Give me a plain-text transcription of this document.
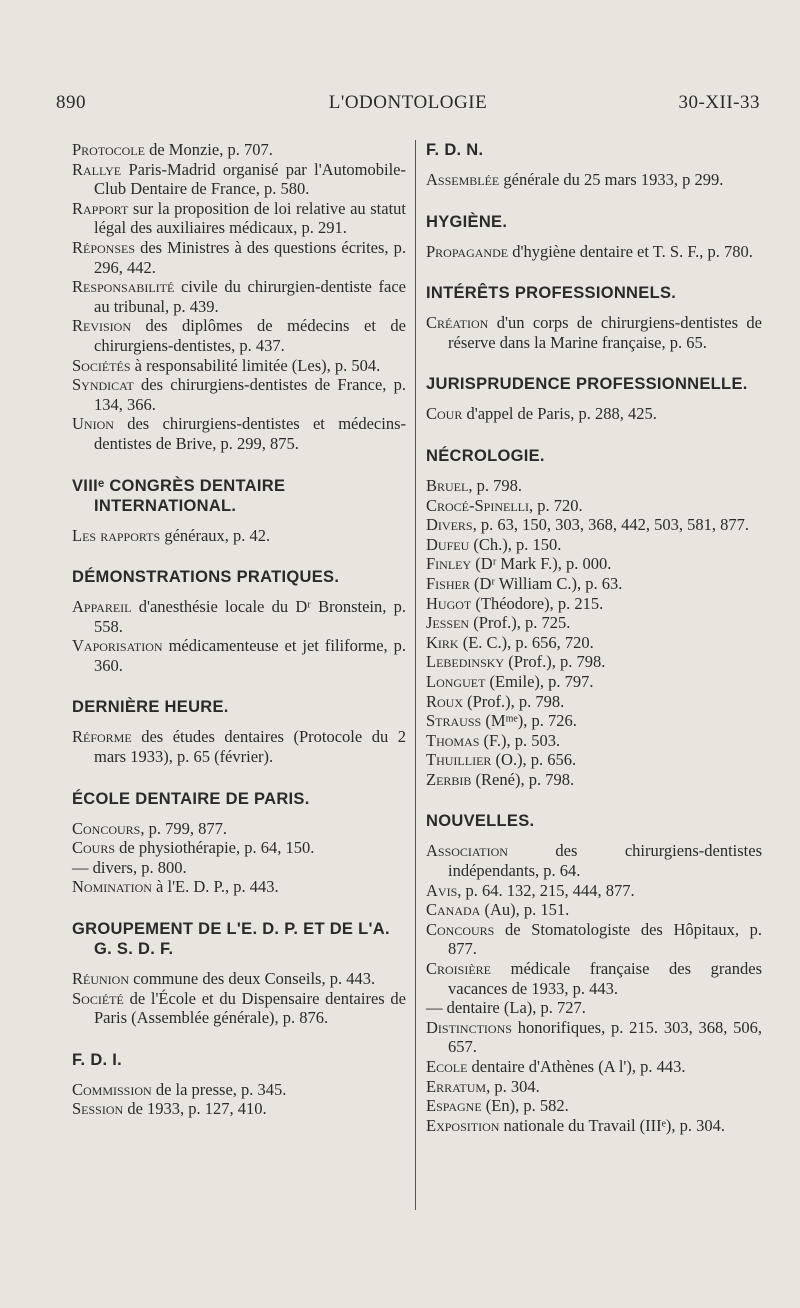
890	L'ODONTOLOGIE	30-XII-33

Protocole de Monzie, p. 707.

Rallye Paris-Madrid organisé par l'Automobile-Club Dentaire de France, p. 580.

Rapport sur la proposition de loi relative au statut légal des auxiliaires médicaux, p. 291.

Réponses des Ministres à des questions écrites, p. 296, 442.

Responsabilité civile du chirurgien-dentiste face au tribunal, p. 439.

Revision des diplômes de médecins et de chirurgiens-dentistes, p. 437.

Sociétés à responsabilité limitée (Les), p. 504.

Syndicat des chirurgiens-dentistes de France, p. 134, 366.

Union des chirurgiens-dentistes et médecins-dentistes de Brive, p. 299, 875.

VIIIᵉ CONGRÈS DENTAIRE INTERNATIONAL.

Les rapports généraux, p. 42.

DÉMONSTRATIONS PRATIQUES.

Appareil d'anesthésie locale du Dʳ Bronstein, p. 558.

Vaporisation médicamenteuse et jet filiforme, p. 360.

DERNIÈRE HEURE.

Réforme des études dentaires (Protocole du 2 mars 1933), p. 65 (février).

ÉCOLE DENTAIRE DE PARIS.

Concours, p. 799, 877.

Cours de physiothérapie, p. 64, 150.

— divers, p. 800.

Nomination à l'E. D. P., p. 443.

GROUPEMENT DE L'E. D. P. ET DE L'A. G. S. D. F.

Réunion commune des deux Conseils, p. 443.

Société de l'École et du Dispensaire dentaires de Paris (Assemblée générale), p. 876.

F. D. I.

Commission de la presse, p. 345.

Session de 1933, p. 127, 410.

F. D. N.

Assemblée générale du 25 mars 1933, p 299.

HYGIÈNE.

Propagande d'hygiène dentaire et T. S. F., p. 780.

INTÉRÊTS PROFESSIONNELS.

Création d'un corps de chirurgiens-dentistes de réserve dans la Marine française, p. 65.

JURISPRUDENCE PROFESSIONNELLE.

Cour d'appel de Paris, p. 288, 425.

NÉCROLOGIE.

Bruel, p. 798.

Crocé-Spinelli, p. 720.

Divers, p. 63, 150, 303, 368, 442, 503, 581, 877.

Dufeu (Ch.), p. 150.

Finley (Dʳ Mark F.), p. 000.

Fisher (Dʳ William C.), p. 63.

Hugot (Théodore), p. 215.

Jessen (Prof.), p. 725.

Kirk (E. C.), p. 656, 720.

Lebedinsky (Prof.), p. 798.

Longuet (Emile), p. 797.

Roux (Prof.), p. 798.

Strauss (Mᵐᵉ), p. 726.

Thomas (F.), p. 503.

Thuillier (O.), p. 656.

Zerbib (René), p. 798.

NOUVELLES.

Association des chirurgiens-dentistes indépendants, p. 64.

Avis, p. 64. 132, 215, 444, 877.

Canada (Au), p. 151.

Concours de Stomatologiste des Hôpitaux, p. 877.

Croisière médicale française des grandes vacances de 1933, p. 443.

— dentaire (La), p. 727.

Distinctions honorifiques, p. 215. 303, 368, 506, 657.

Ecole dentaire d'Athènes (A l'), p. 443.

Erratum, p. 304.

Espagne (En), p. 582.

Exposition nationale du Travail (IIIᵉ), p. 304.
